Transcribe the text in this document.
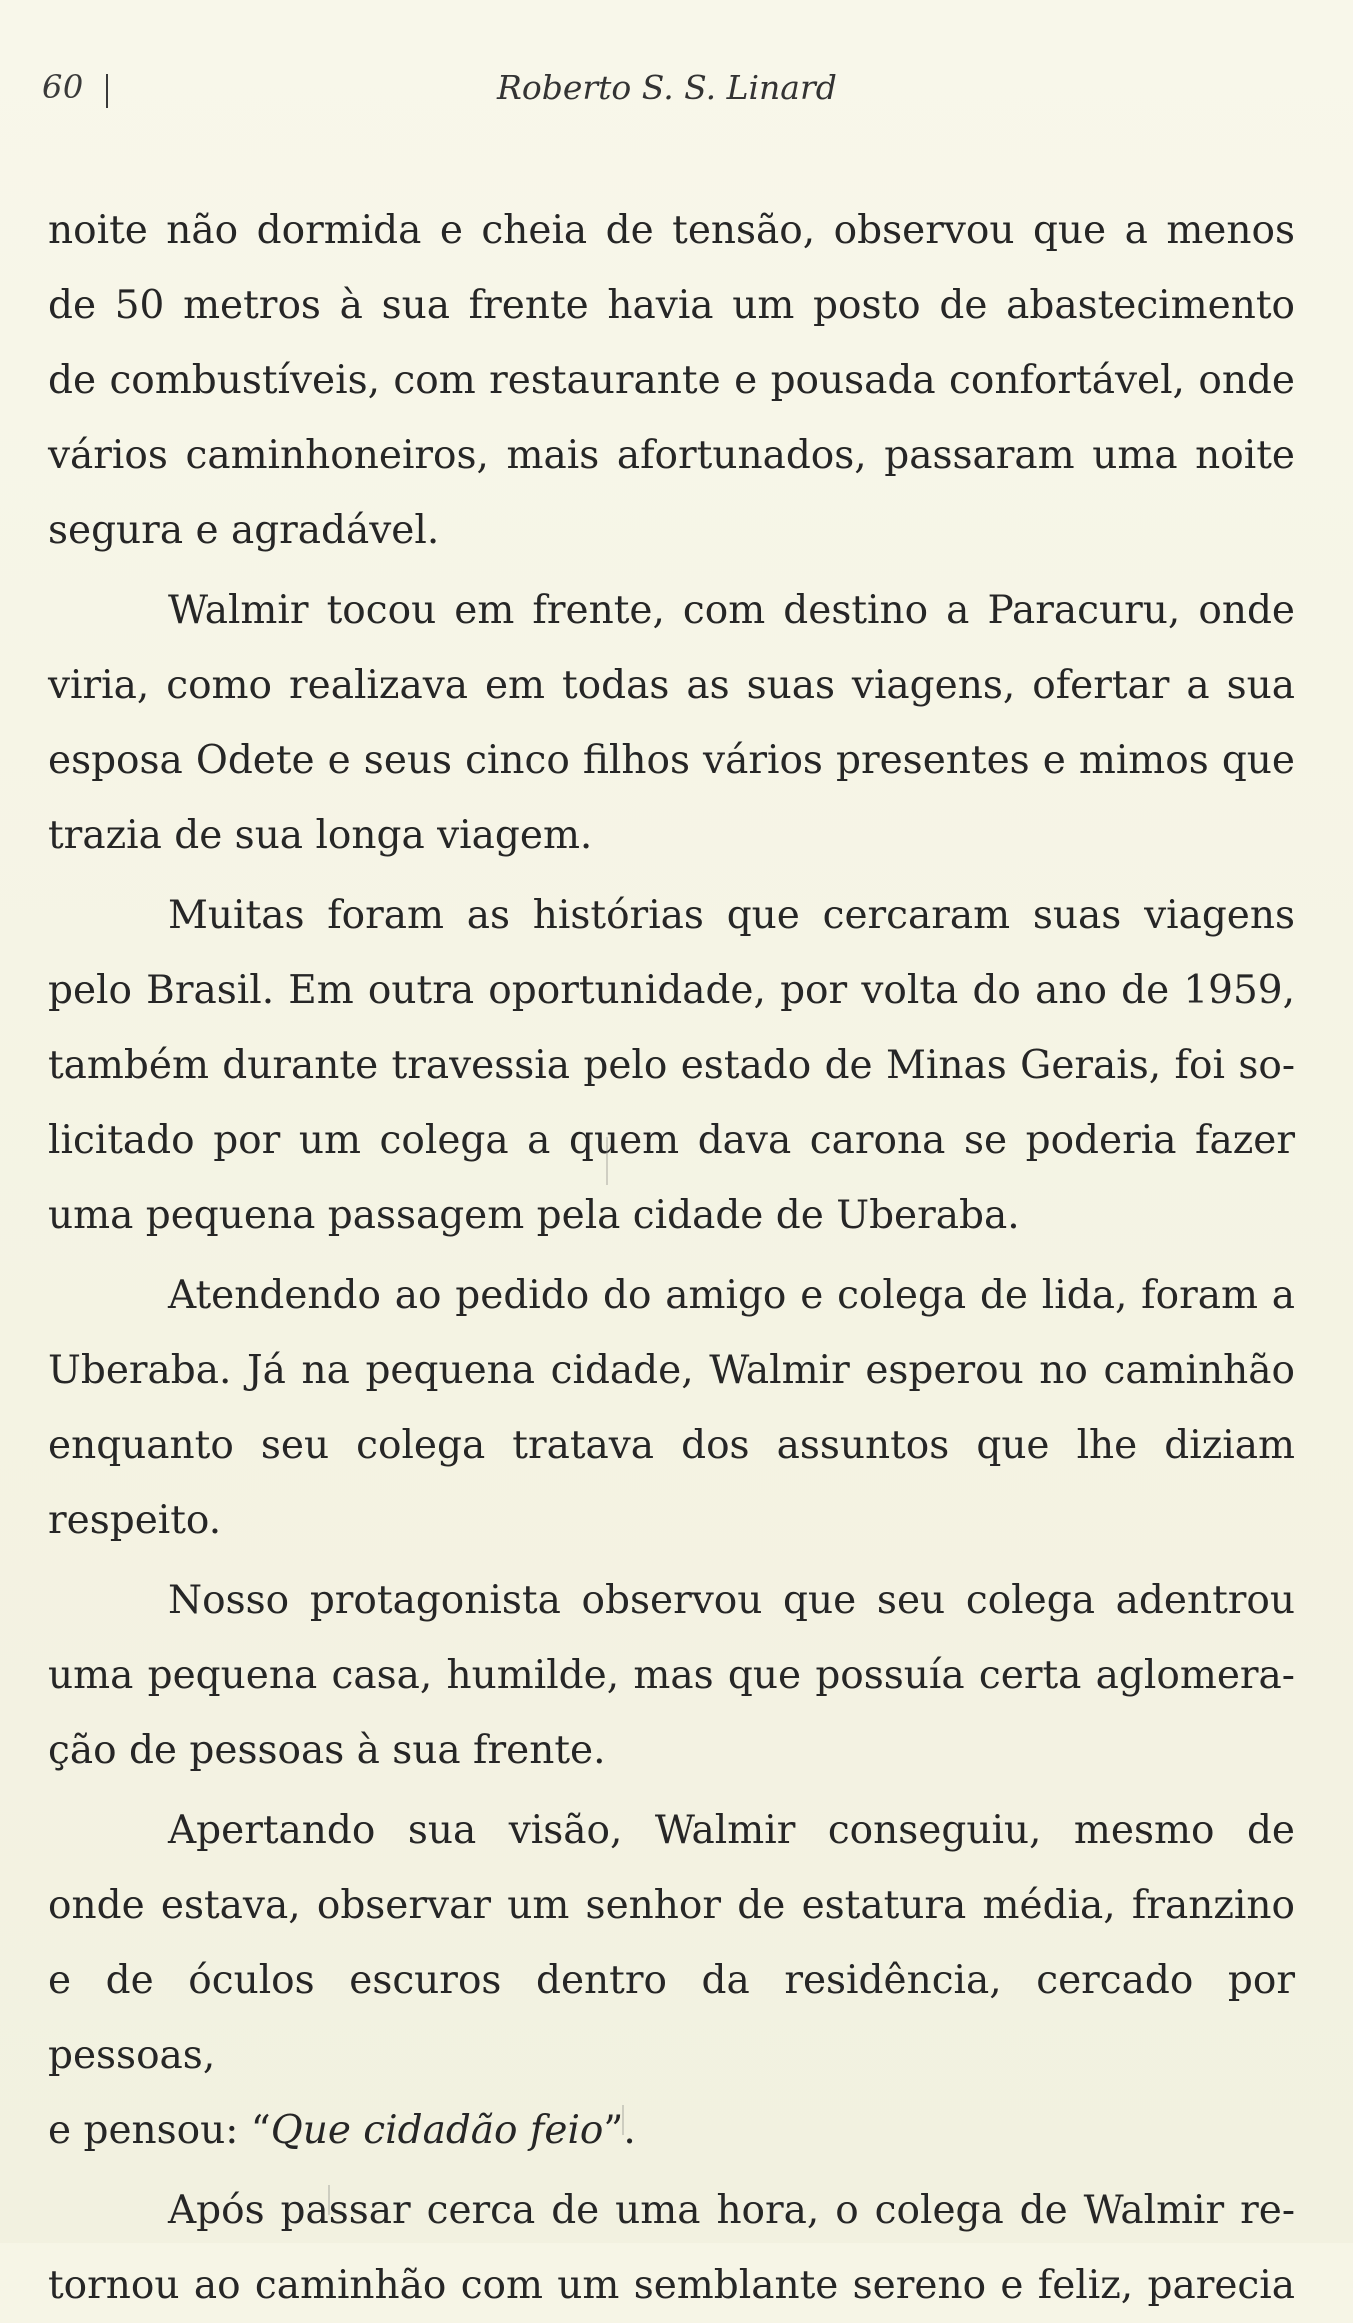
60	Roberto S. S. Linard
noite não dormida e cheia de tensão, observou que a menos
de 50 metros à sua frente havia um posto de abastecimento
de combustíveis, com restaurante e pousada confortável, onde
vários caminhoneiros, mais afortunados, passaram uma noite
segura e agradável.
Walmir tocou em frente, com destino a Paracuru, onde
viria, como realizava em todas as suas viagens, ofertar a sua
esposa Odete e seus cinco filhos vários presentes e mimos que
trazia de sua longa viagem.
Muitas foram as histórias que cercaram suas viagens
pelo Brasil. Em outra oportunidade, por volta do ano de 1959,
também durante travessia pelo estado de Minas Gerais, foi so-
licitado por um colega a quem dava carona se poderia fazer
uma pequena passagem pela cidade de Uberaba.
Atendendo ao pedido do amigo e colega de lida, foram a
Uberaba. Já na pequena cidade, Walmir esperou no caminhão
enquanto seu colega tratava dos assuntos que lhe diziam respeito.
Nosso protagonista observou que seu colega adentrou
uma pequena casa, humilde, mas que possuía certa aglomera-
ção de pessoas à sua frente.
Apertando sua visão, Walmir conseguiu, mesmo de
onde estava, observar um senhor de estatura média, franzino
e de óculos escuros dentro da residência, cercado por pessoas,
e pensou: “Que cidadão feio”.
Após passar cerca de uma hora, o colega de Walmir re-
tornou ao caminhão com um semblante sereno e feliz, parecia
